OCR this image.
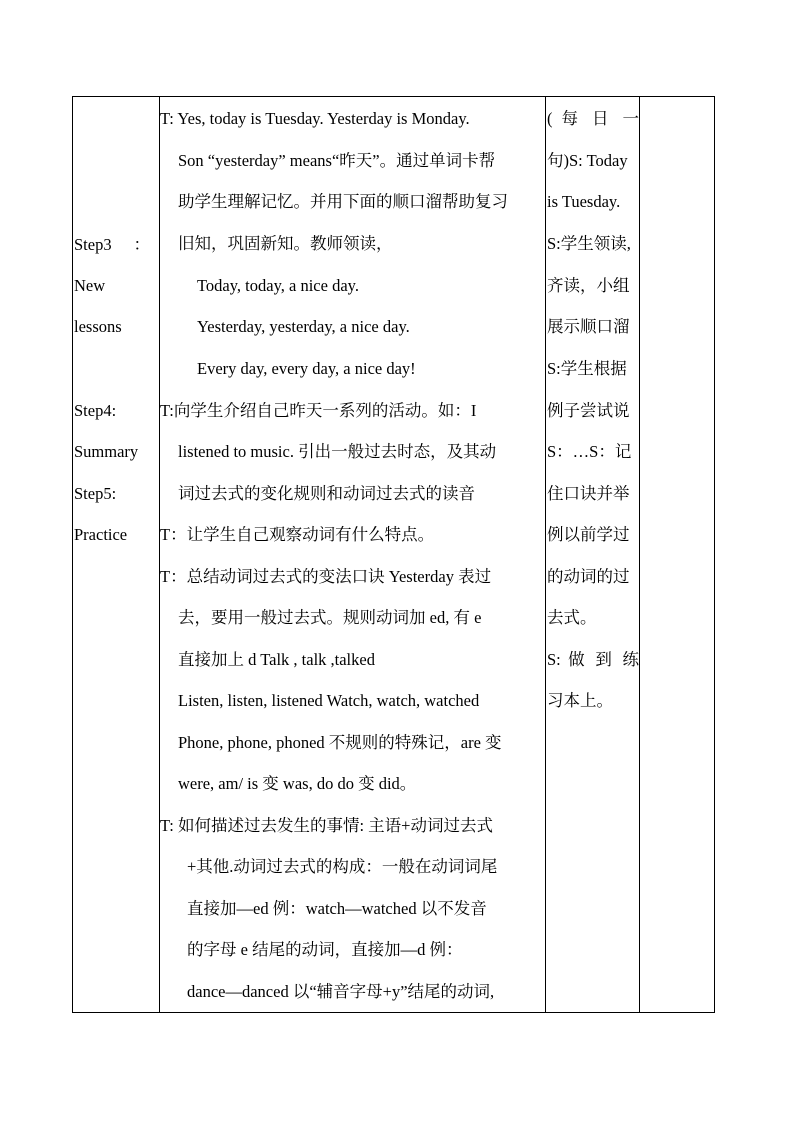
Step3　：
New
lessons
Step4:
Summary
Step5:
Practice
T: Yes, today is Tuesday. Yesterday is Monday.
Son “yesterday” means“昨天”。通过单词卡帮
助学生理解记忆。并用下面的顺口溜帮助复习
旧知，巩固新知。教师领读，
Today, today, a nice day.
Yesterday, yesterday, a nice day.
Every day, every day, a nice day!
T:向学生介绍自己昨天一系列的活动。如：I
listened to music. 引出一般过去时态，及其动
词过去式的变化规则和动词过去式的读音
T：让学生自己观察动词有什么特点。
T：总结动词过去式的变法口诀 Yesterday 表过
去，要用一般过去式。规则动词加 ed, 有 e
直接加上 d Talk , talk ,talked
Listen, listen, listened Watch, watch, watched
Phone, phone, phoned 不规则的特殊记，are 变
were, am/ is 变 was, do do 变 did。
T: 如何描述过去发生的事情: 主语+动词过去式
+其他.动词过去式的构成：一般在动词词尾
直接加—ed 例：watch—watched 以不发音
的字母 e 结尾的动词，直接加—d 例：
dance—danced 以“辅音字母+y”结尾的动词,
( 每 日 一
句)S: Today
is Tuesday.
S:学生领读,
齐读，小组
展示顺口溜
S:学生根据
例子尝试说
S：…S：记
住口诀并举
例以前学过
的动词的过
去式。
S: 做 到 练
习本上。
